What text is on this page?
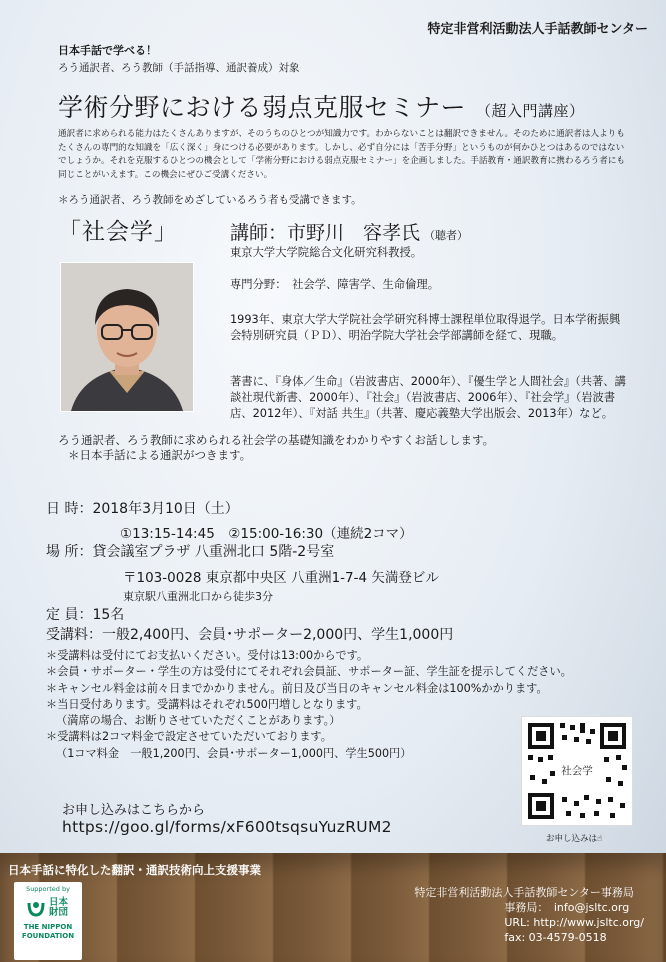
特定非営利活動法人手話教師センター
日本手話で学べる！
ろう通訳者、ろう教師（手話指導、通訳養成）対象
学術分野における弱点克服セミナー （超入門講座）
通訳者に求められる能力はたくさんありますが、そのうちのひとつが知識力です。わからないことは翻訳できません。そのために通訳者は人よりもたくさんの専門的な知識を「広く深く」身につける必要があります。しかし、必ず自分には「苦手分野」というものが何かひとつはあるのではないでしょうか。それを克服するひとつの機会として「学術分野における弱点克服セミナー」を企画しました。手話教育・通訳教育に携わるろう者にも同じことがいえます。この機会にぜひご受講ください。
＊ろう通訳者、ろう教師をめざしているろう者も受講できます。
「社会学」	講師：市野川　容孝氏 （聴者）
東京大学大学院総合文化研究科教授。
専門分野：　社会学、障害学、生命倫理。
1993年、東京大学大学院社会学研究科博士課程単位取得退学。日本学術振興会特別研究員（ＰＤ）、明治学院大学社会学部講師を経て、現職。
著書に、『身体／生命』（岩波書店、2000年）、『優生学と人間社会』（共著、講談社現代新書、2000年）、『社会』（岩波書店、2006年）、『社会学』（岩波書店、2012年）、『対話 共生』（共著、慶応義塾大学出版会、2013年）など。
ろう通訳者、ろう教師に求められる社会学の基礎知識をわかりやすくお話しします。
＊日本手話による通訳がつきます。
日 時：2018年3月10日（土）
①13:15-14:45　②15:00-16:30（連続2コマ）
場 所：貸会議室プラザ 八重洲北口 5階-2号室
〒103-0028 東京都中央区 八重洲1-7-4 矢満登ビル
東京駅八重洲北口から徒歩3分
定 員：15名
受講料：一般2,400円、会員･サポーター2,000円、学生1,000円
＊受講料は受付にてお支払いください。受付は13:00からです。
＊会員・サポーター・学生の方は受付にてそれぞれ会員証、サポーター証、学生証を提示してください。
＊キャンセル料金は前々日までかかりません。前日及び当日のキャンセル料金は100%かかります。
＊当日受付あります。受講料はそれぞれ500円増しとなります。
（満席の場合、お断りさせていただくことがあります。）
＊受講料は2コマ料金で設定させていただいております。
（1コマ料金　一般1,200円、会員･サポーター1,000円、学生500円）
社会学
お申し込みは☝
お申し込みはこちらから
https://goo.gl/forms/xF600tsqsuYuzRUM2
日本手話に特化した翻訳・通訳技術向上支援事業
Supported by
日本財団
THE NIPPON
FOUNDATION
特定非営利活動法人手話教師センター事務局
事務局：　info@jsltc.org
URL: http://www.jsltc.org/
fax: 03-4579-0518
